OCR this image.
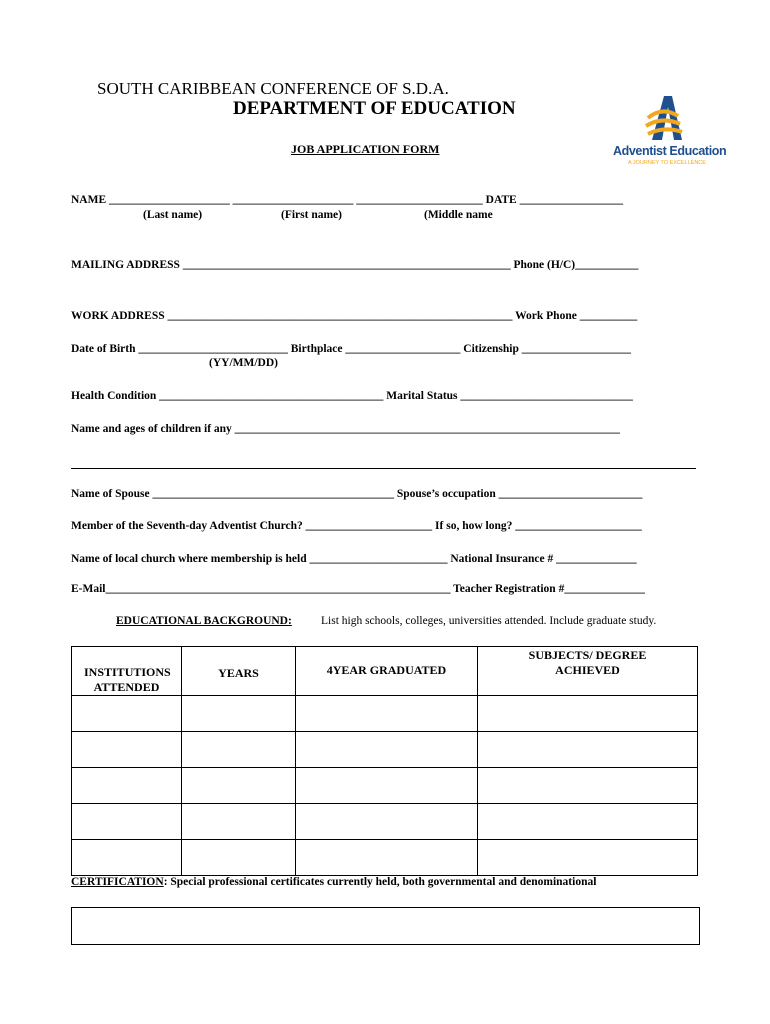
SOUTH CARIBBEAN CONFERENCE OF S.D.A.
DEPARTMENT OF EDUCATION
JOB APPLICATION FORM	Adventist Education
A JOURNEY TO EXCELLENCE
NAME _____________________ _____________________ ______________________ DATE __________________
(Last name)	(First name)	(Middle name
MAILING ADDRESS _________________________________________________________ Phone (H/C)___________
WORK ADDRESS ____________________________________________________________ Work Phone __________
Date of Birth __________________________ Birthplace ____________________ Citizenship ___________________
(YY/MM/DD)
Health Condition _______________________________________ Marital Status ______________________________
Name and ages of children if any ___________________________________________________________________
Name of Spouse __________________________________________ Spouse’s occupation _________________________
Member of the Seventh-day Adventist Church? ______________________ If so, how long? ______________________
Name of local church where membership is held ________________________ National Insurance # ______________
E-Mail____________________________________________________________ Teacher Registration #______________
EDUCATIONAL BACKGROUND:	List high schools, colleges, universities attended. Include graduate study.
INSTITUTIONS ATTENDED	YEARS	4YEAR GRADUATED	SUBJECTS/ DEGREE ACHIEVED

CERTIFICATION: Special professional certificates currently held, both governmental and denominational
